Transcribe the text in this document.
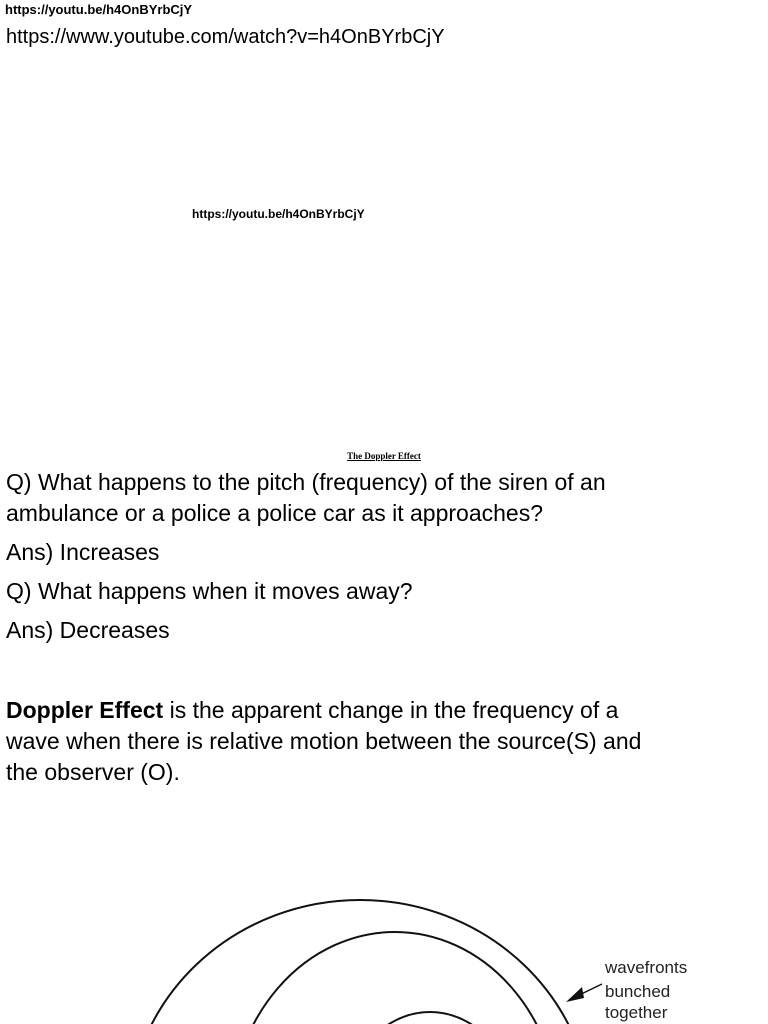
https://youtu.be/h4OnBYrbCjY
https://www.youtube.com/watch?v=h4OnBYrbCjY
https://youtu.be/h4OnBYrbCjY
The Doppler Effect
Q) What happens to the pitch (frequency) of the siren of an
ambulance or a police a police car as it approaches?
Ans) Increases
Q) What happens when it moves away?
Ans) Decreases
Doppler Effect is the apparent change in the frequency of a
wave when there is relative motion between the source(S) and
the observer (O).
wavefronts
bunched
together
